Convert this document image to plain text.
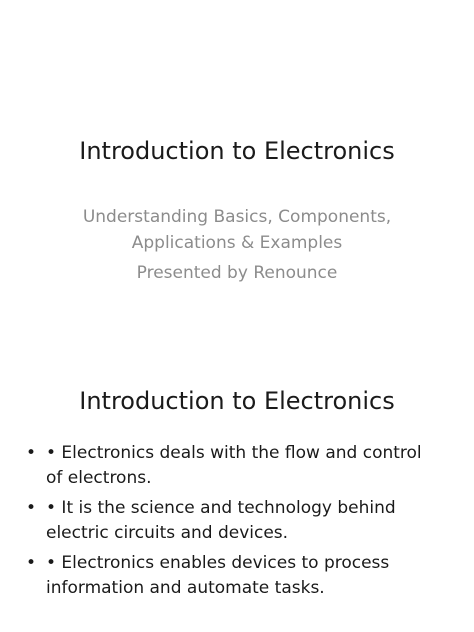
Introduction to Electronics

Understanding Basics, Components, Applications & Examples

Presented by Renounce

Introduction to Electronics
• • Electronics deals with the flow and control of electrons.
• • It is the science and technology behind electric circuits and devices.
• • Electronics enables devices to process information and automate tasks.
